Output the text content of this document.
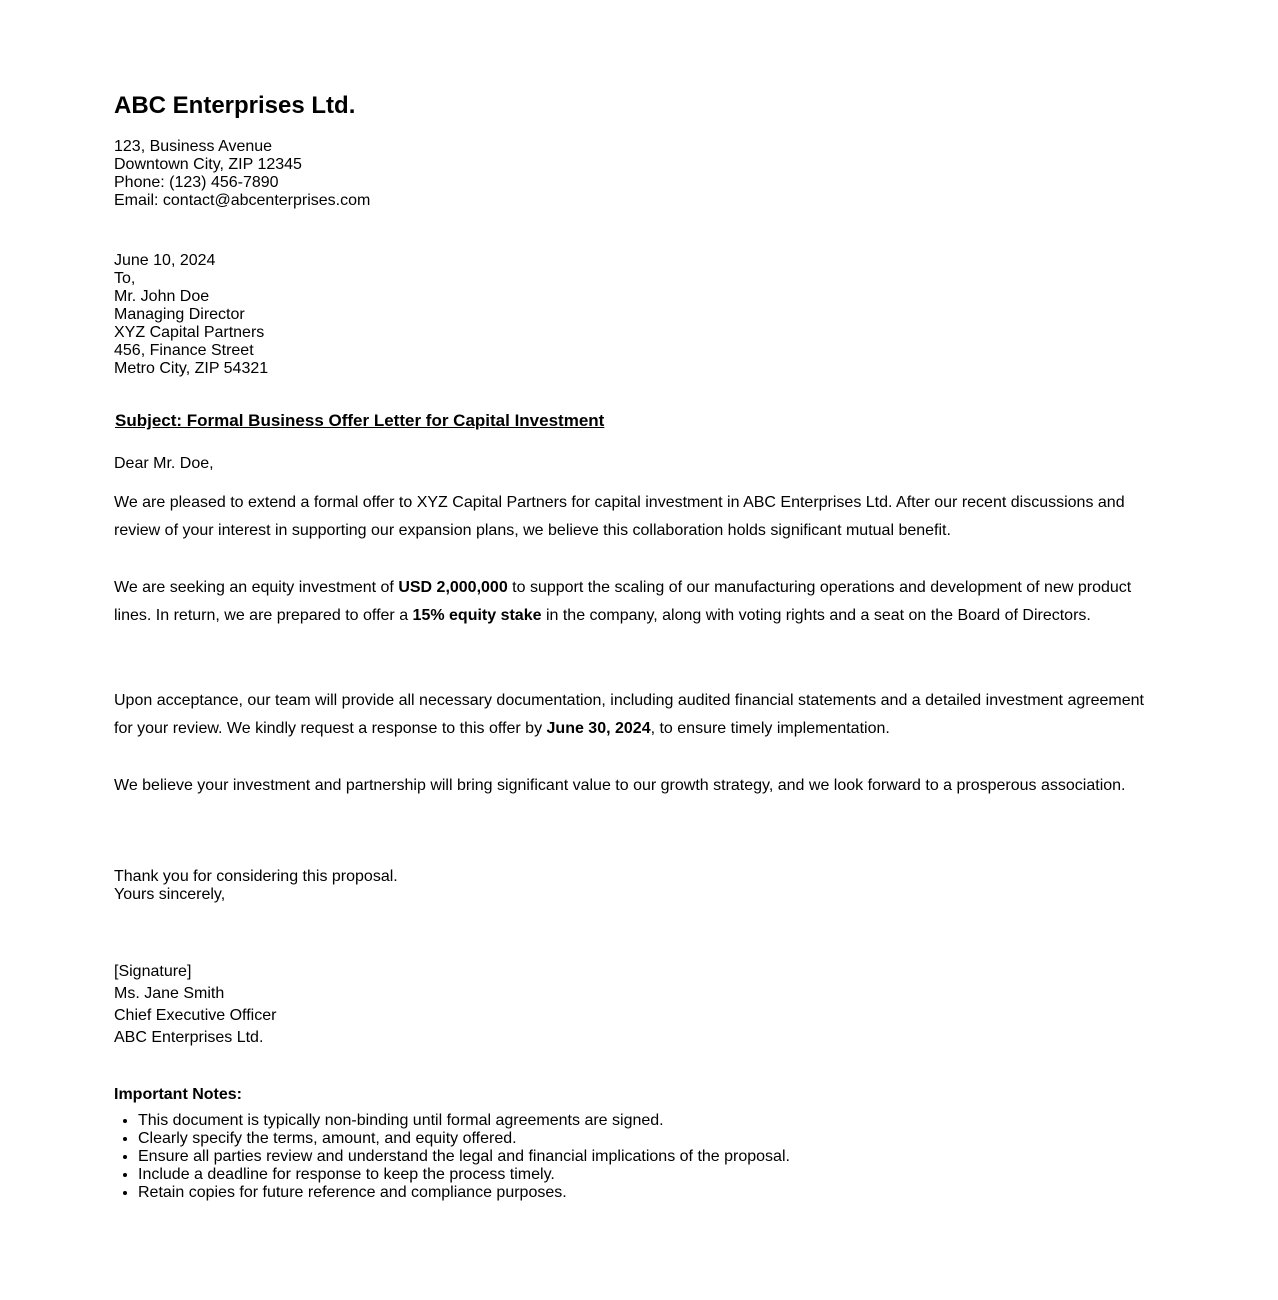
ABC Enterprises Ltd.
123, Business Avenue
Downtown City, ZIP 12345
Phone: (123) 456-7890
Email: contact@abcenterprises.com
June 10, 2024
To,
Mr. John Doe
Managing Director
XYZ Capital Partners
456, Finance Street
Metro City, ZIP 54321
Subject: Formal Business Offer Letter for Capital Investment
Dear Mr. Doe,

We are pleased to extend a formal offer to XYZ Capital Partners for capital investment in ABC Enterprises Ltd. After our recent discussions and review of your interest in supporting our expansion plans, we believe this collaboration holds significant mutual benefit.

We are seeking an equity investment of USD 2,000,000 to support the scaling of our manufacturing operations and development of new product lines. In return, we are prepared to offer a 15% equity stake in the company, along with voting rights and a seat on the Board of Directors.

Upon acceptance, our team will provide all necessary documentation, including audited financial statements and a detailed investment agreement for your review. We kindly request a response to this offer by June 30, 2024, to ensure timely implementation.

We believe your investment and partnership will bring significant value to our growth strategy, and we look forward to a prosperous association.

Thank you for considering this proposal.
Yours sincerely,
[Signature]
Ms. Jane Smith
Chief Executive Officer
ABC Enterprises Ltd.
Important Notes:
• This document is typically non-binding until formal agreements are signed.
• Clearly specify the terms, amount, and equity offered.
• Ensure all parties review and understand the legal and financial implications of the proposal.
• Include a deadline for response to keep the process timely.
• Retain copies for future reference and compliance purposes.
